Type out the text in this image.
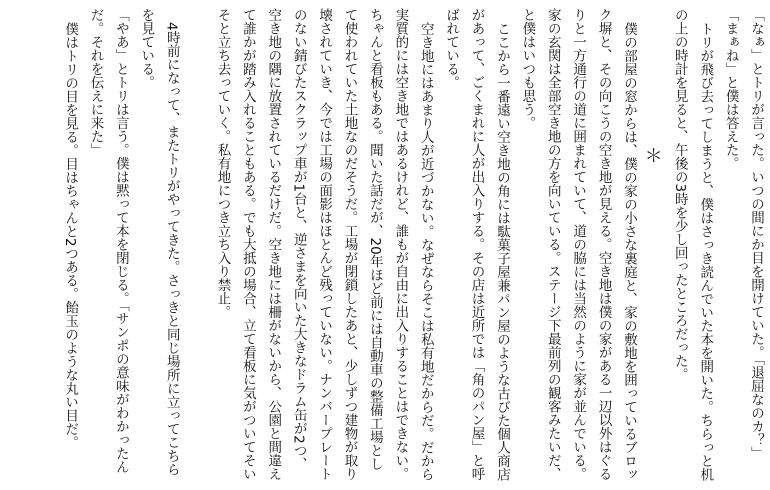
「なぁ」とトリが言った。いつの間にか目を開けていた。「退屈なのカ？」

「まぁね」と僕は答えた。

トリが飛び去ってしまうと、僕はさっき読んでいた本を開いた。ちらっと机の上の時計を見ると、午後の3時を少し回ったところだった。

＊

僕の部屋の窓からは、僕の家の小さな裏庭と、家の敷地を囲っているブロック塀と、その向こうの空き地が見える。空き地は僕の家がある一辺以外はぐるりと一方通行の道に囲まれていて、道の脇には当然のように家が並んでいる。家の玄関は全部空き地の方を向いている。ステージ下最前列の観客みたいだ、と僕はいつも思う。

ここから一番遠い空き地の角には駄菓子屋兼パン屋のような古びた個人商店があって、ごくまれに人が出入りする。その店は近所では「角のパン屋」と呼ばれている。

空き地にはあまり人が近づかない。なぜならそこは私有地だからだ。だから実質的には空き地ではあるけれど、誰もが自由に出入りすることはできない。ちゃんと看板もある。聞いた話だが、20年ほど前には自動車の整備工場として使われていた土地なのだそうだ。工場が閉鎖したあと、少しずつ建物が取り壊されていき、今では工場の面影はほとんど残っていない。ナンバープレートのない錆びたスクラップ車が1台と、逆さまを向いた大きなドラム缶が2つ、空き地の隅に放置されているだけだ。空き地には柵がないから、公園と間違えて誰かが踏み入れることもある。でも大抵の場合、立て看板に気がついてそいそと立ち去っていく。私有地につき立ち入り禁止。

4時前になって、またトリがやってきた。さっきと同じ場所に立ってこちらを見ている。

「やあ」とトリは言う。僕は黙って本を閉じる。「サンポの意味がわかったんだ。それを伝えに来た」

僕はトリの目を見る。目はちゃんと2つある。飴玉のような丸い目だ。
